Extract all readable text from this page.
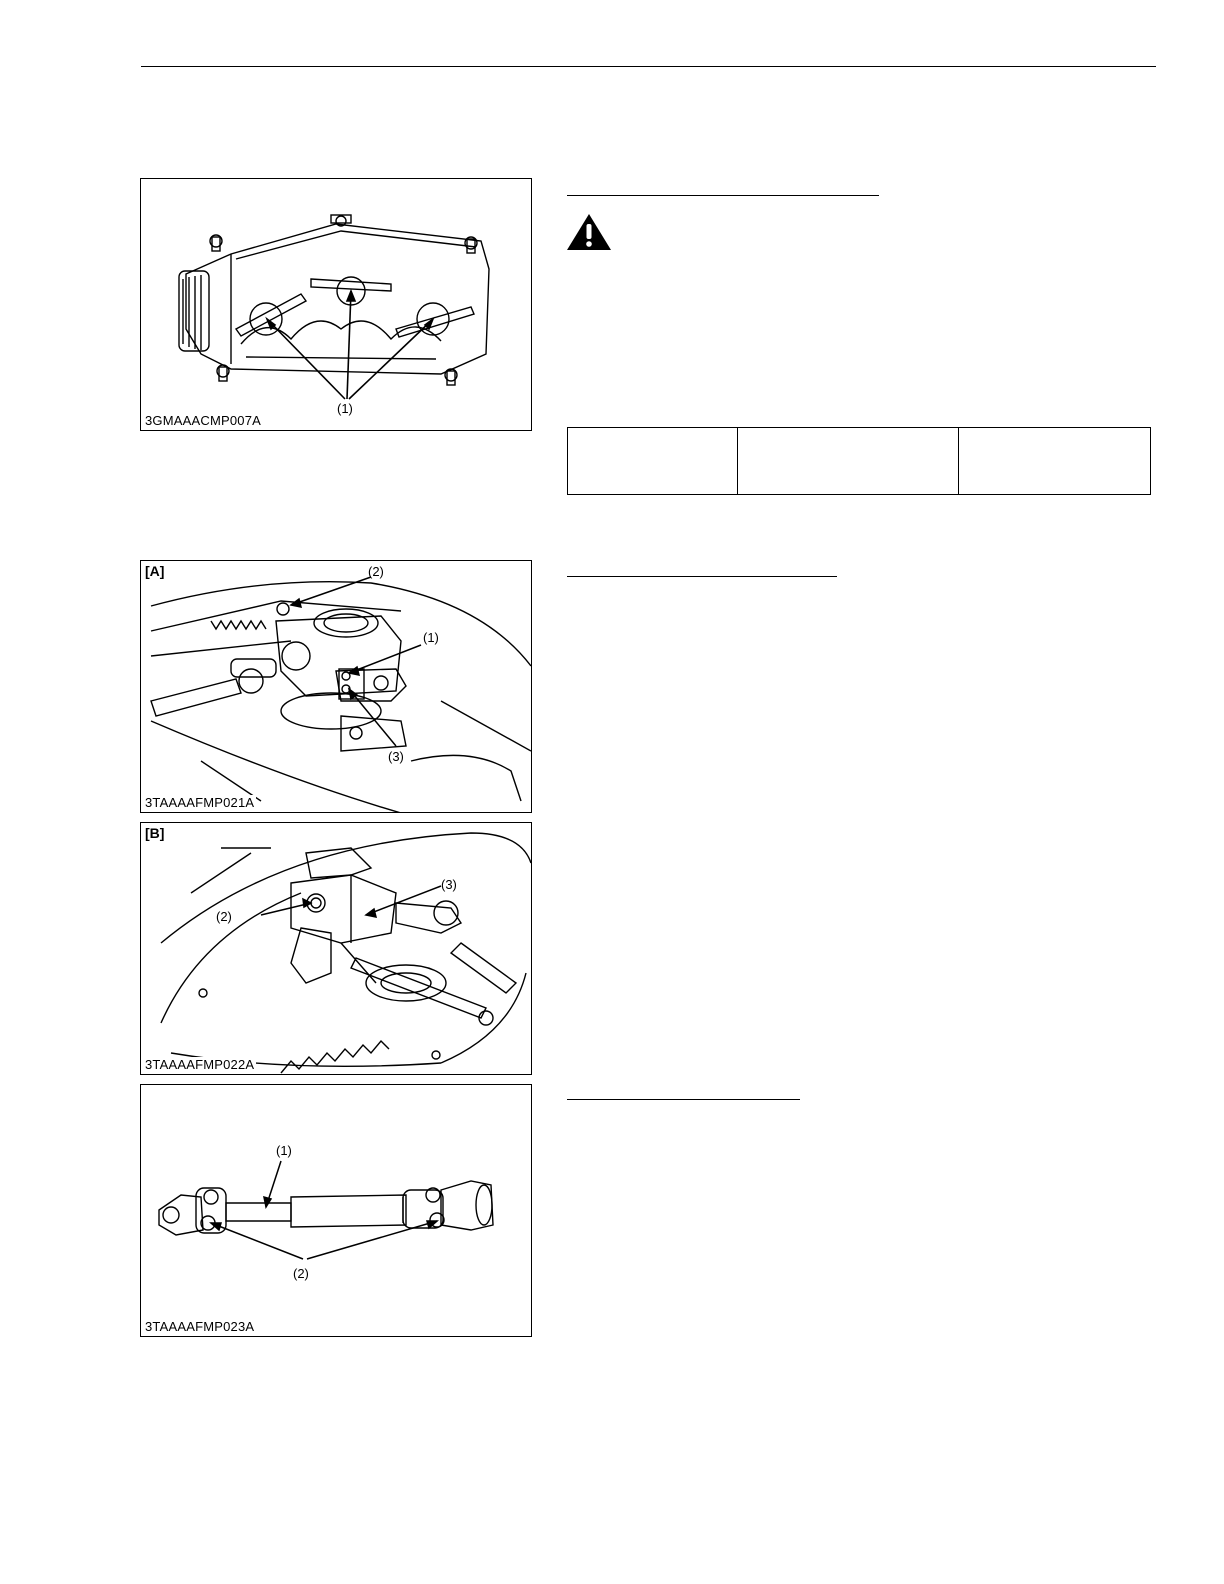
(1)
3GMAAACMP007A
[A]	(2)
(1)
(3)
3TAAAAFMP021A
[B]
(2)
(3)
3TAAAAFMP022A
(1)
(2)
3TAAAAFMP023A
